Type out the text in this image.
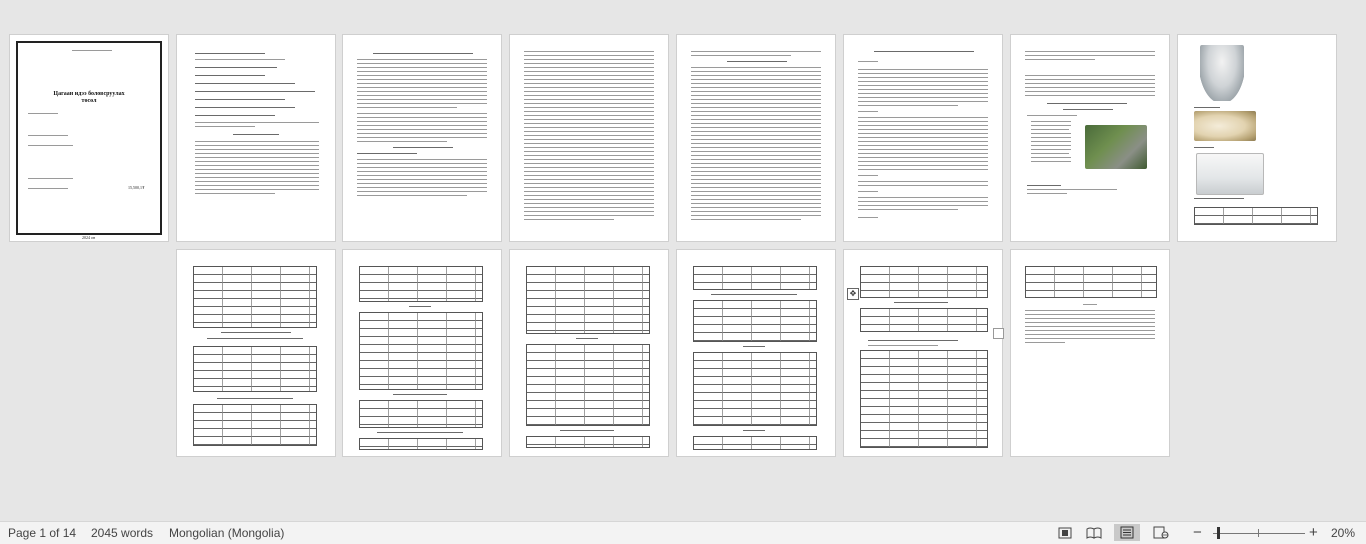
Цагаан идээ боловсруулах
төсөл
15,500,1₮
2024 он
✥
Page 1 of 14 2045 words Mongolian (Mongolia)	−	+ 20%
